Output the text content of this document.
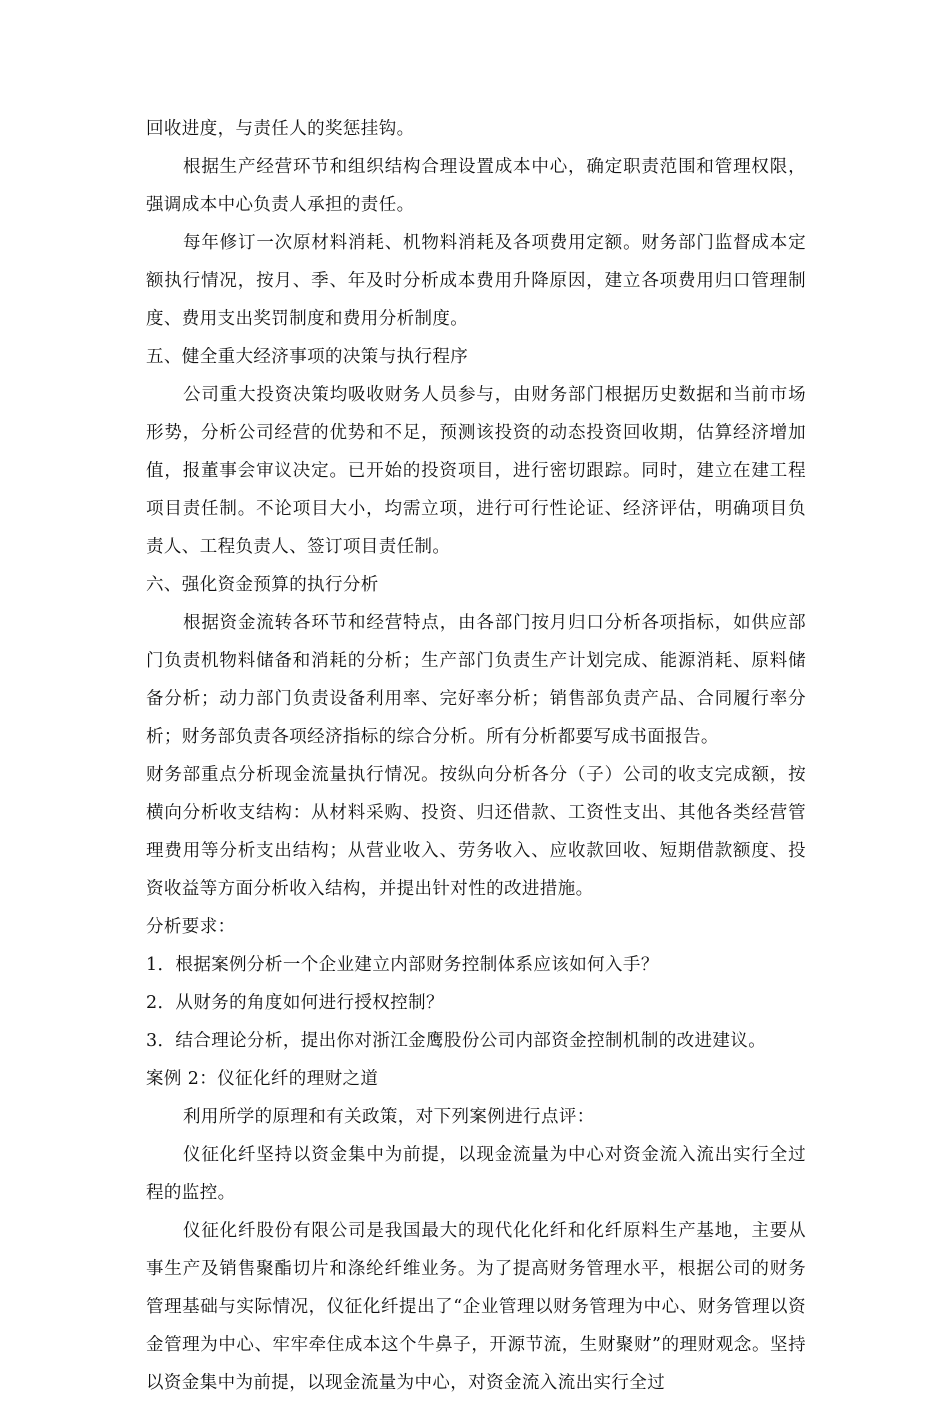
回收进度，与责任人的奖惩挂钩。

根据生产经营环节和组织结构合理设置成本中心，确定职责范围和管理权限，强调成本中心负责人承担的责任。

每年修订一次原材料消耗、机物料消耗及各项费用定额。财务部门监督成本定额执行情况，按月、季、年及时分析成本费用升降原因，建立各项费用归口管理制度、费用支出奖罚制度和费用分析制度。

五、健全重大经济事项的决策与执行程序

公司重大投资决策均吸收财务人员参与，由财务部门根据历史数据和当前市场形势，分析公司经营的优势和不足，预测该投资的动态投资回收期，估算经济增加值，报董事会审议决定。已开始的投资项目，进行密切跟踪。同时，建立在建工程项目责任制。不论项目大小，均需立项，进行可行性论证、经济评估，明确项目负责人、工程负责人、签订项目责任制。

六、强化资金预算的执行分析

根据资金流转各环节和经营特点，由各部门按月归口分析各项指标，如供应部门负责机物料储备和消耗的分析；生产部门负责生产计划完成、能源消耗、原料储备分析；动力部门负责设备利用率、完好率分析；销售部负责产品、合同履行率分析；财务部负责各项经济指标的综合分析。所有分析都要写成书面报告。

财务部重点分析现金流量执行情况。按纵向分析各分（子）公司的收支完成额，按横向分析收支结构：从材料采购、投资、归还借款、工资性支出、其他各类经营管理费用等分析支出结构；从营业收入、劳务收入、应收款回收、短期借款额度、投资收益等方面分析收入结构，并提出针对性的改进措施。

分析要求：

1．根据案例分析一个企业建立内部财务控制体系应该如何入手？

2．从财务的角度如何进行授权控制？

3．结合理论分析，提出你对浙江金鹰股份公司内部资金控制机制的改进建议。

案例 2：仪征化纤的理财之道

利用所学的原理和有关政策，对下列案例进行点评：

仪征化纤坚持以资金集中为前提，以现金流量为中心对资金流入流出实行全过程的监控。

仪征化纤股份有限公司是我国最大的现代化化纤和化纤原料生产基地，主要从事生产及销售聚酯切片和涤纶纤维业务。为了提高财务管理水平，根据公司的财务管理基础与实际情况，仪征化纤提出了“企业管理以财务管理为中心、财务管理以资金管理为中心、牢牢牵住成本这个牛鼻子，开源节流，生财聚财”的理财观念。坚持以资金集中为前提，以现金流量为中心，对资金流入流出实行全过
